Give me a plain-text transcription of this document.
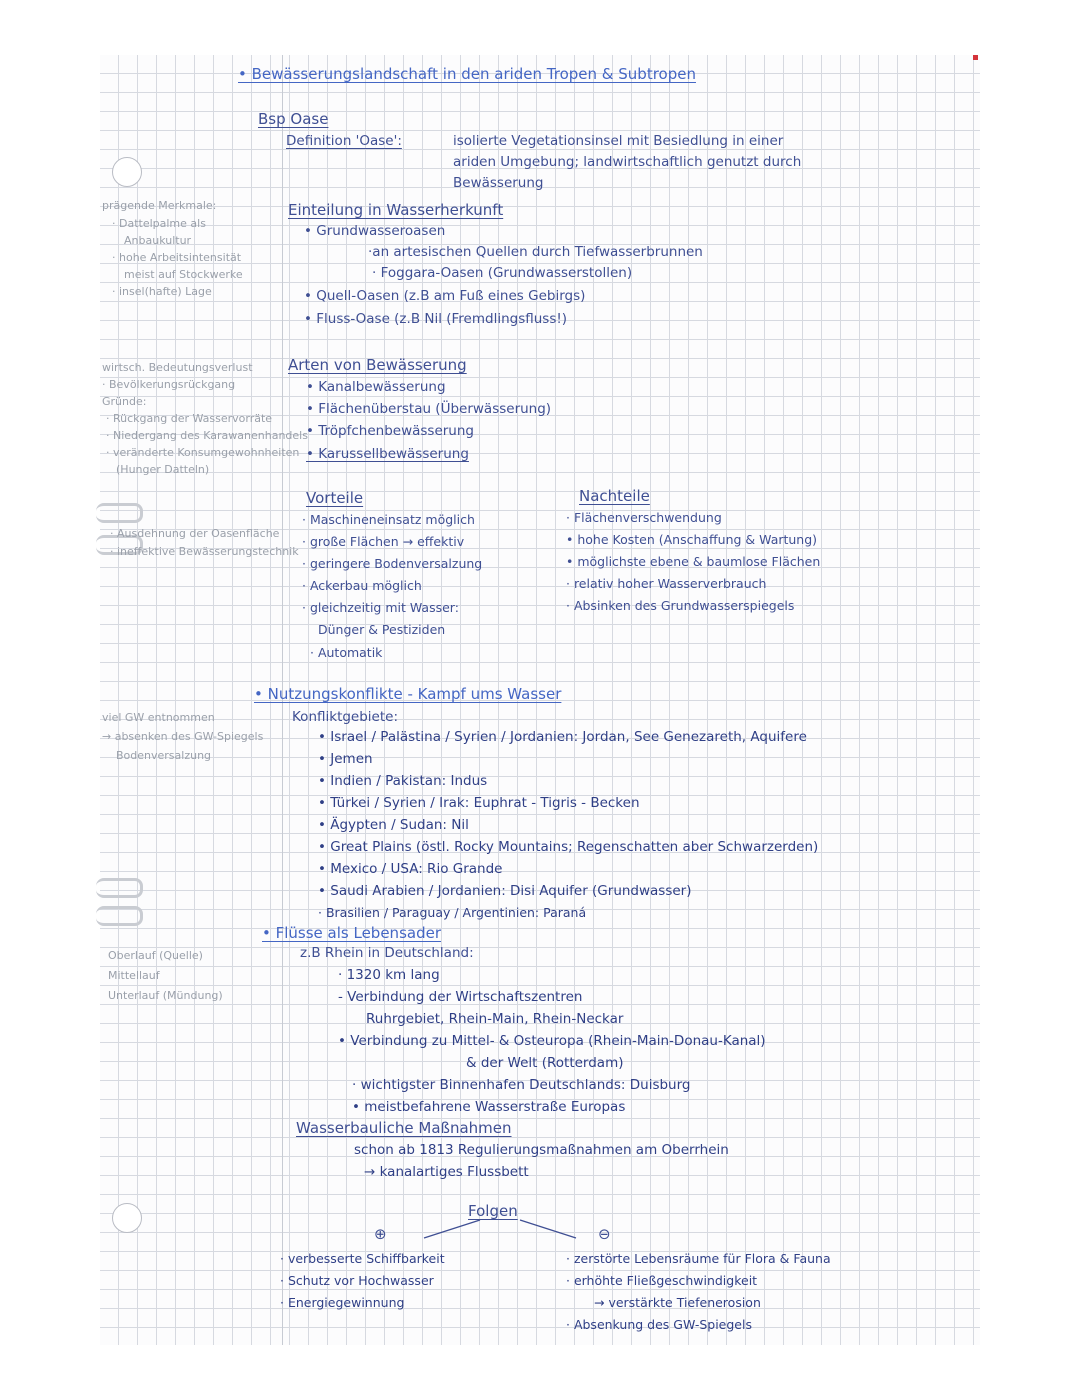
• Bewässerungslandschaft in den ariden Tropen & Subtropen
Bsp Oase
Definition 'Oase':	isolierte Vegetationsinsel mit Besiedlung in einer
ariden Umgebung; landwirtschaftlich genutzt durch
Bewässerung
Einteilung in Wasserherkunft
• Grundwasseroasen
·an artesischen Quellen durch Tiefwasserbrunnen
· Foggara-Oasen (Grundwasserstollen)
• Quell-Oasen (z.B am Fuß eines Gebirgs)
• Fluss-Oase (z.B Nil (Fremdlingsfluss!)
prägende Merkmale:
· Dattelpalme als
Anbaukultur
· hohe Arbeitsintensität
meist auf Stockwerke
· insel(hafte) Lage
wirtsch. Bedeutungsverlust
· Bevölkerungsrückgang
Gründe:
· Rückgang der Wasservorräte
· Niedergang des Karawanenhandels
· veränderte Konsumgewohnheiten
(Hunger Datteln)
· Ausdehnung der Oasenfläche
· ineffektive Bewässerungstechnik
Arten von Bewässerung
• Kanalbewässerung
• Flächenüberstau (Überwässerung)
• Tröpfchenbewässerung
• Karussellbewässerung
Vorteile
· Maschineneinsatz möglich
· große Flächen → effektiv
· geringere Bodenversalzung
· Ackerbau möglich
· gleichzeitig mit Wasser:
Dünger & Pestiziden
· Automatik
Nachteile
· Flächenverschwendung
• hohe Kosten (Anschaffung & Wartung)
• möglichste ebene & baumlose Flächen
· relativ hoher Wasserverbrauch
· Absinken des Grundwasserspiegels
• Nutzungskonflikte - Kampf ums Wasser
Konfliktgebiete:
• Israel / Palästina / Syrien / Jordanien: Jordan, See Genezareth, Aquifere
• Jemen
• Indien / Pakistan: Indus
• Türkei / Syrien / Irak: Euphrat - Tigris - Becken
• Ägypten / Sudan: Nil
• Great Plains (östl. Rocky Mountains; Regenschatten aber Schwarzerden)
• Mexico / USA: Rio Grande
• Saudi Arabien / Jordanien: Disi Aquifer (Grundwasser)
· Brasilien / Paraguay / Argentinien: Paraná
viel GW entnommen
→ absenken des GW-Spiegels
Bodenversalzung
• Flüsse als Lebensader
z.B Rhein in Deutschland:
· 1320 km lang
- Verbindung der Wirtschaftszentren
Ruhrgebiet, Rhein-Main, Rhein-Neckar
• Verbindung zu Mittel- & Osteuropa (Rhein-Main-Donau-Kanal)
& der Welt (Rotterdam)
· wichtigster Binnenhafen Deutschlands: Duisburg
• meistbefahrene Wasserstraße Europas
Oberlauf (Quelle)
Mittellauf
Unterlauf (Mündung)
Wasserbauliche Maßnahmen
schon ab 1813 Regulierungsmaßnahmen am Oberrhein
→ kanalartiges Flussbett
Folgen
⊕	⊖
· verbesserte Schiffbarkeit
· Schutz vor Hochwasser
· Energiegewinnung
· zerstörte Lebensräume für Flora & Fauna
· erhöhte Fließgeschwindigkeit
→ verstärkte Tiefenerosion
· Absenkung des GW-Spiegels
